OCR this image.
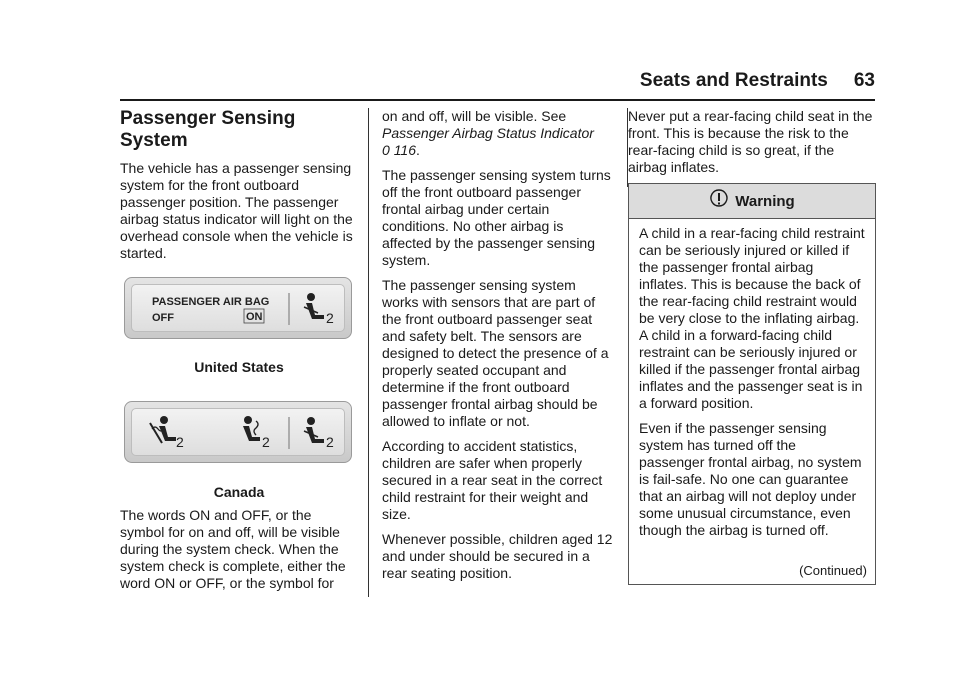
Seats and Restraints 63
Passenger Sensing System

The vehicle has a passenger sensing system for the front outboard passenger position. The passenger airbag status indicator will light on the overhead console when the vehicle is started.

PASSENGER AIR BAG
OFF	ON	2
United States
2	2	2
Canada

The words ON and OFF, or the symbol for on and off, will be visible during the system check. When the system check is complete, either the word ON or OFF, or the symbol for

on and off, will be visible. See
Passenger Airbag Status Indicator
0 116.

The passenger sensing system turns off the front outboard passenger frontal airbag under certain conditions. No other airbag is affected by the passenger sensing system.

The passenger sensing system works with sensors that are part of the front outboard passenger seat and safety belt. The sensors are designed to detect the presence of a properly seated occupant and determine if the front outboard passenger frontal airbag should be allowed to inflate or not.

According to accident statistics, children are safer when properly secured in a rear seat in the correct child restraint for their weight and size.

Whenever possible, children aged 12 and under should be secured in a rear seating position.

Never put a rear-facing child seat in the front. This is because the risk to the rear-facing child is so great, if the airbag inflates.

Warning

A child in a rear-facing child restraint can be seriously injured or killed if the passenger frontal airbag inflates. This is because the back of the rear-facing child restraint would be very close to the inflating airbag. A child in a forward-facing child restraint can be seriously injured or killed if the passenger frontal airbag inflates and the passenger seat is in a forward position.

Even if the passenger sensing system has turned off the passenger frontal airbag, no system is fail-safe. No one can guarantee that an airbag will not deploy under some unusual circumstance, even though the airbag is turned off.

(Continued)
